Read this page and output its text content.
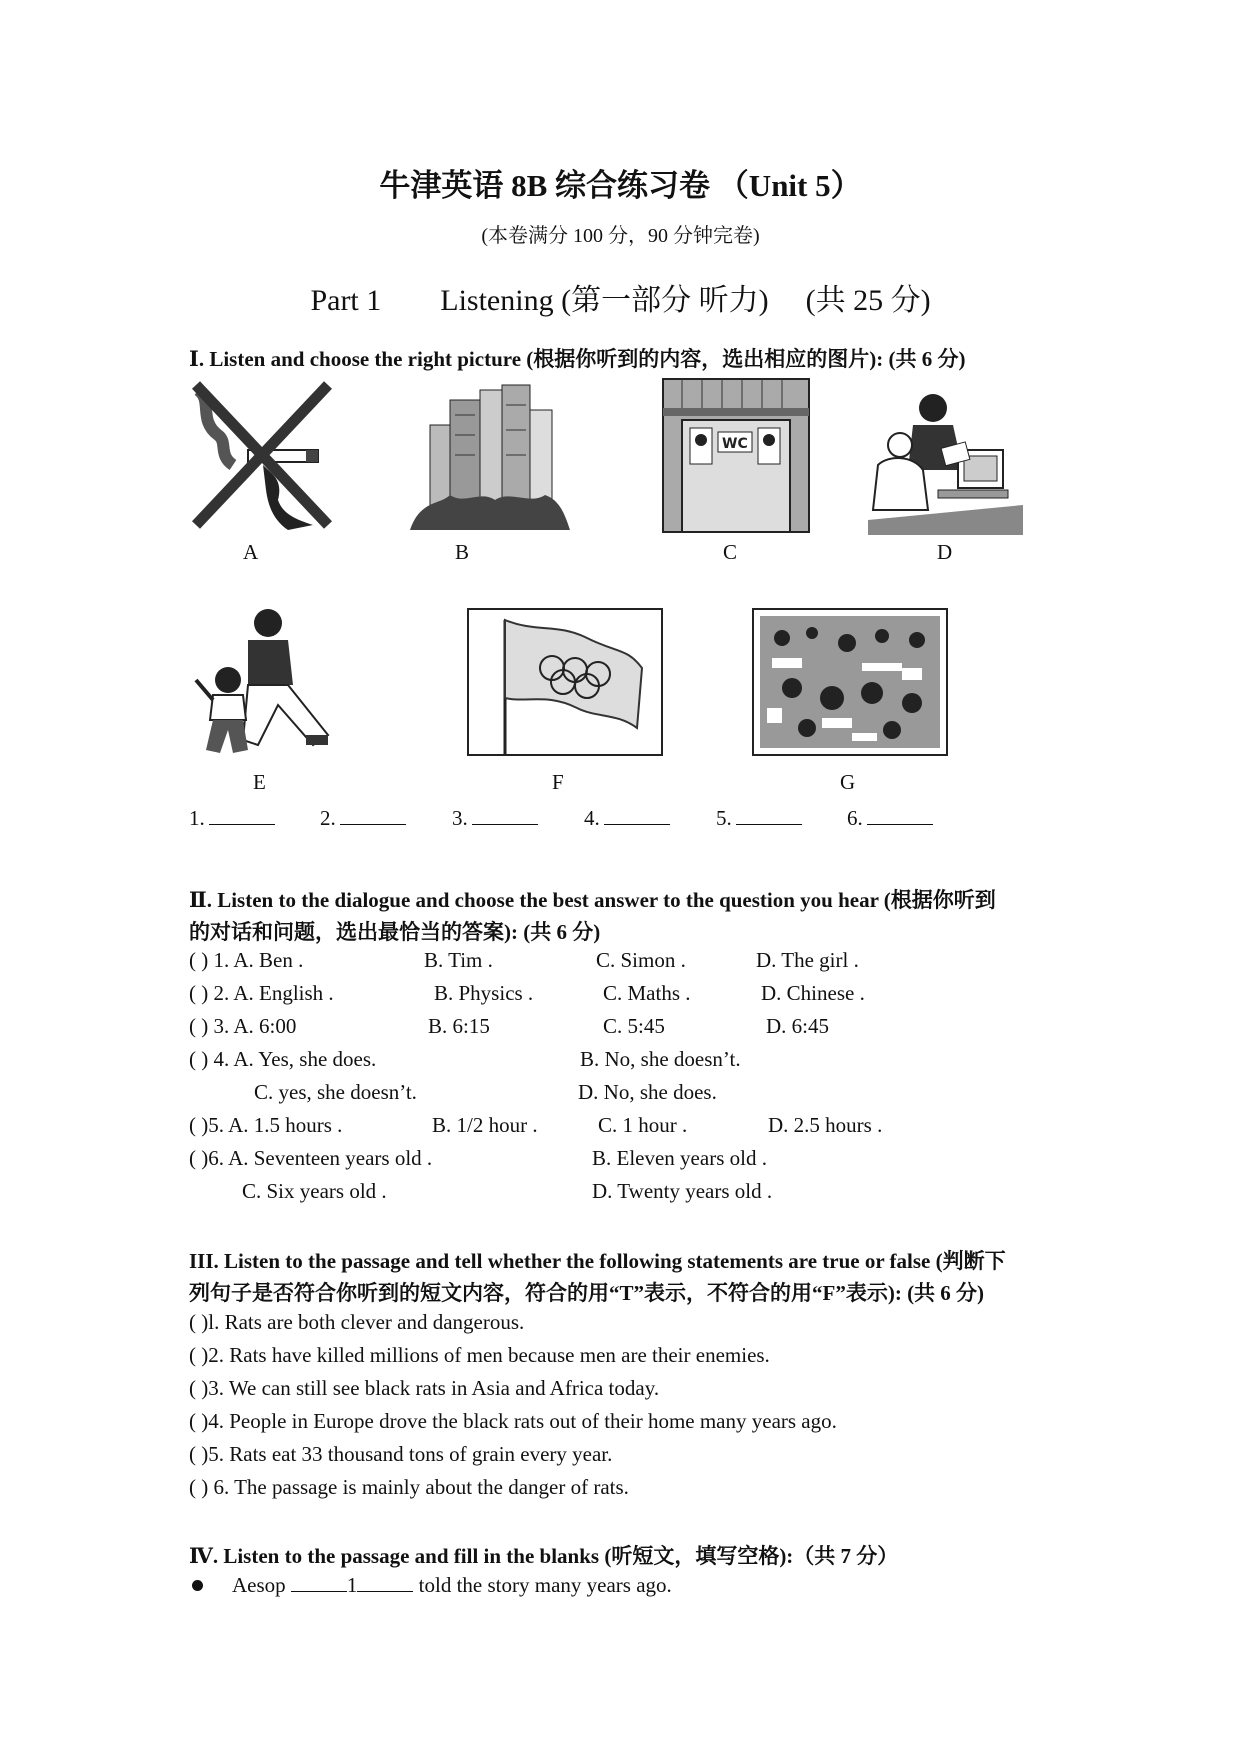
牛津英语 8B 综合练习卷 （Unit 5）
(本卷满分 100 分，90 分钟完卷)
Part 1 Listening (第一部分 听力) (共 25 分)
Ⅰ. Listen and choose the right picture (根据你听到的内容，选出相应的图片): (共 6 分)
A	B
WC
C	D
E	F	G
1.	2.	3.	4.	5.	6.
Ⅱ. Listen to the dialogue and choose the best answer to the question you hear (根据你听到
的对话和问题，选出最恰当的答案): (共 6 分)
( ) 1. A. Ben .	B. Tim .	C. Simon .	D. The girl .
( ) 2. A. English .	B. Physics .	C. Maths .	D. Chinese .
( ) 3. A. 6:00	B. 6:15	C. 5:45	D. 6:45
( ) 4. A. Yes, she does.	B. No, she doesn’t.
C. yes, she doesn’t.	D. No, she does.
( )5. A. 1.5 hours .	B. 1/2 hour .	C. 1 hour .	D. 2.5 hours .
( )6. A. Seventeen years old .	B. Eleven years old .
C. Six years old .	D. Twenty years old .
III. Listen to the passage and tell whether the following statements are true or false (判断下
列句子是否符合你听到的短文内容，符合的用“T”表示，不符合的用“F”表示): (共 6 分)
( )l. Rats are both clever and dangerous.
( )2. Rats have killed millions of men because men are their enemies.
( )3. We can still see black rats in Asia and Africa today.
( )4. People in Europe drove the black rats out of their home many years ago.
( )5. Rats eat 33 thousand tons of grain every year.
( ) 6. The passage is mainly about the danger of rats.
Ⅳ. Listen to the passage and fill in the blanks (听短文，填写空格):（共 7 分）
Aesop	1	told the story many years ago.
